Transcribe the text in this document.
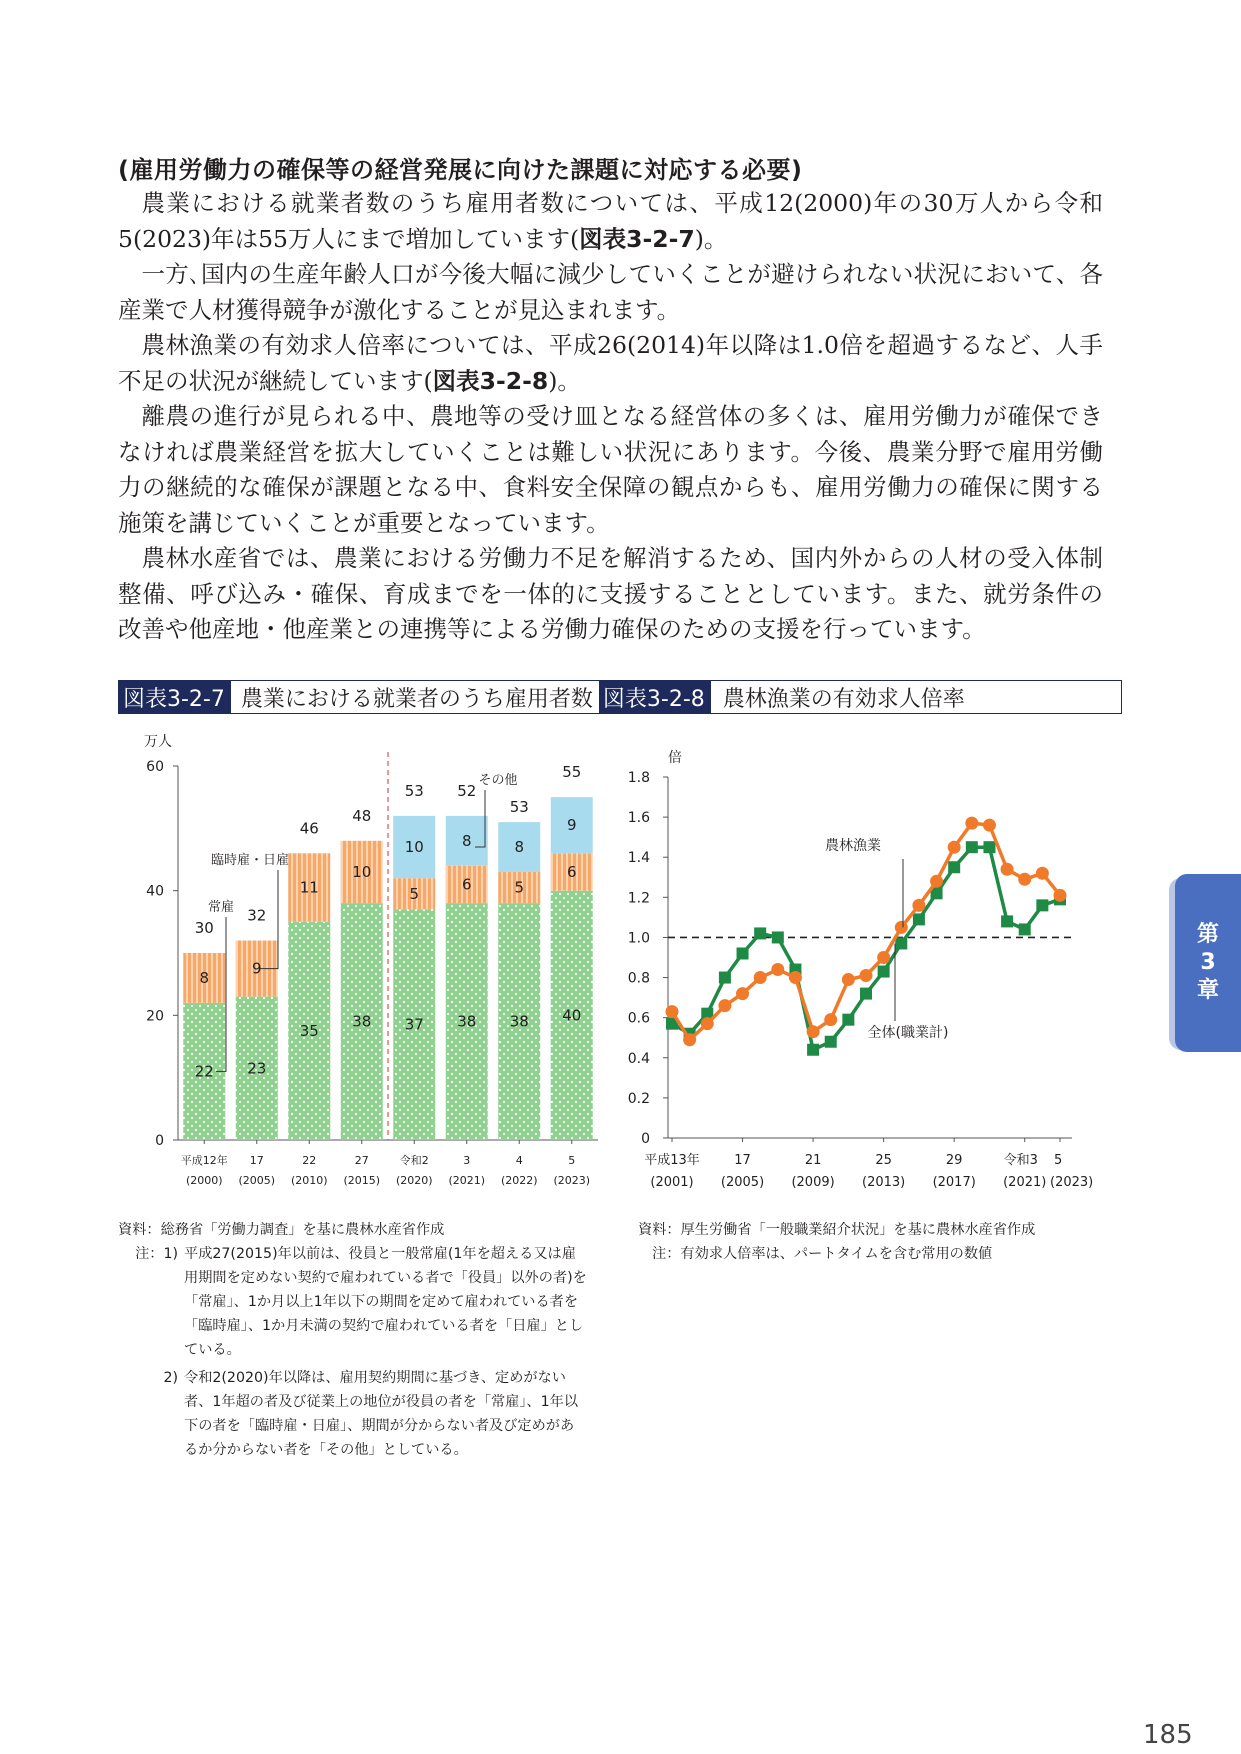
(雇用労働力の確保等の経営発展に向けた課題に対応する必要)

農業における就業者数のうち雇用者数については、平成12(2000)年の30万人から令和5(2023)年は55万人にまで増加しています(図表3-2-7)。

一方､国内の生産年齢人口が今後大幅に減少していくことが避けられない状況において、各産業で人材獲得競争が激化することが見込まれます。

農林漁業の有効求人倍率については、平成26(2014)年以降は1.0倍を超過するなど、人手不足の状況が継続しています(図表3-2-8)。

離農の進行が見られる中、農地等の受け皿となる経営体の多くは、雇用労働力が確保できなければ農業経営を拡大していくことは難しい状況にあります。今後、農業分野で雇用労働力の継続的な確保が課題となる中、食料安全保障の観点からも、雇用労働力の確保に関する施策を講じていくことが重要となっています。

農林水産省では、農業における労働力不足を解消するため、国内外からの人材の受入体制整備、呼び込み・確保、育成までを一体的に支援することとしています。また、就労条件の改善や他産地・他産業との連携等による労働力確保のための支援を行っています。

図表3-2-7 農業における就業者のうち雇用者数 図表3-2-8 農林漁業の有効求人倍率
万人
0
20
40
60
22
8
30
平成12年
(2000)
23
9
32
17
(2005)
35
11
46
22
(2010)
38
10
48
27
(2015)
37
5
10
53
令和2
(2020)
38
6
8
52
3
(2021)
38
5
8
53
4
(2022)
40
6
9
55
5
(2023)
常雇
臨時雇・日雇
その他
倍
0
0.2
0.4
0.6
0.8
1.0
1.2
1.4
1.6
1.8
平成13年
(2001)
17
(2005)
21
(2009)
25
(2013)
29
(2017)
令和3
(2021)
5
(2023)
農林漁業
全体(職業計)

資料：総務省「労働力調査」を基に農林水産省作成

注：1) 平成27(2015)年以前は、役員と一般常雇(1年を超える又は雇用期間を定めない契約で雇われている者で「役員」以外の者)を「常雇」、1か月以上1年以下の期間を定めて雇われている者を「臨時雇」、1か月未満の契約で雇われている者を「日雇」としている。
2) 令和2(2020)年以降は、雇用契約期間に基づき、定めがない者、1年超の者及び従業上の地位が役員の者を「常雇」、1年以下の者を「臨時雇・日雇」、期間が分からない者及び定めがあるか分からない者を「その他」としている。

資料：厚生労働省「一般職業紹介状況」を基に農林水産省作成

注：有効求人倍率は、パートタイムを含む常用の数値

第
3
章
185
